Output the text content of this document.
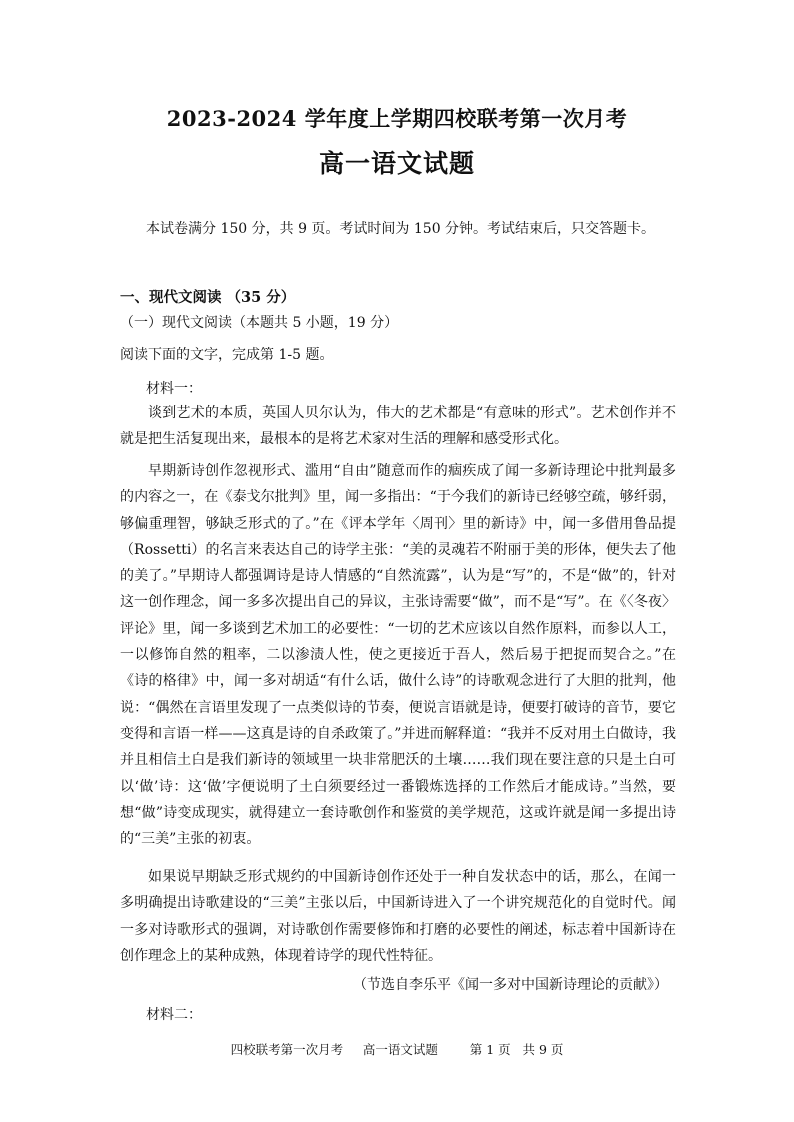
2023-2024 学年度上学期四校联考第一次月考
高一语文试题
本试卷满分 150 分，共 9 页。考试时间为 150 分钟。考试结束后，只交答题卡。
一、现代文阅读 （35 分）
（一）现代文阅读（本题共 5 小题，19 分）
阅读下面的文字，完成第 1-5 题。
材料一：

谈到艺术的本质，英国人贝尔认为，伟大的艺术都是“有意味的形式”。艺术创作并不就是把生活复现出来，最根本的是将艺术家对生活的理解和感受形式化。

早期新诗创作忽视形式、滥用“自由”随意而作的痼疾成了闻一多新诗理论中批判最多的内容之一，在《泰戈尔批判》里，闻一多指出：“于今我们的新诗已经够空疏，够纤弱，够偏重理智，够缺乏形式的了。”在《评本学年〈周刊〉里的新诗》中，闻一多借用鲁品提（Rossetti）的名言来表达自己的诗学主张：“美的灵魂若不附丽于美的形体，便失去了他的美了。”早期诗人都强调诗是诗人情感的“自然流露”，认为是“写”的，不是“做”的，针对这一创作理念，闻一多多次提出自己的异议，主张诗需要“做”，而不是“写”。在《〈冬夜〉评论》里，闻一多谈到艺术加工的必要性：“一切的艺术应该以自然作原料，而参以人工，一以修饰自然的粗率，二以渗渍人性，使之更接近于吾人，然后易于把捉而契合之。”在《诗的格律》中，闻一多对胡适“有什么话，做什么诗”的诗歌观念进行了大胆的批判，他说：“偶然在言语里发现了一点类似诗的节奏，便说言语就是诗，便要打破诗的音节，要它变得和言语一样——这真是诗的自杀政策了。”并进而解释道：“我并不反对用土白做诗，我并且相信土白是我们新诗的领域里一块非常肥沃的土壤……我们现在要注意的只是土白可以‘做’诗：这‘做’字便说明了土白须要经过一番锻炼选择的工作然后才能成诗。”当然，要想“做”诗变成现实，就得建立一套诗歌创作和鉴赏的美学规范，这或许就是闻一多提出诗的“三美”主张的初衷。

如果说早期缺乏形式规约的中国新诗创作还处于一种自发状态中的话，那么，在闻一多明确提出诗歌建设的“三美”主张以后，中国新诗进入了一个讲究规范化的自觉时代。闻一多对诗歌形式的强调，对诗歌创作需要修饰和打磨的必要性的阐述，标志着中国新诗在创作理念上的某种成熟，体现着诗学的现代性特征。

（节选自李乐平《闻一多对中国新诗理论的贡献》）
材料二：
四校联考第一次月考     高一语文试题        第 1 页   共 9 页
